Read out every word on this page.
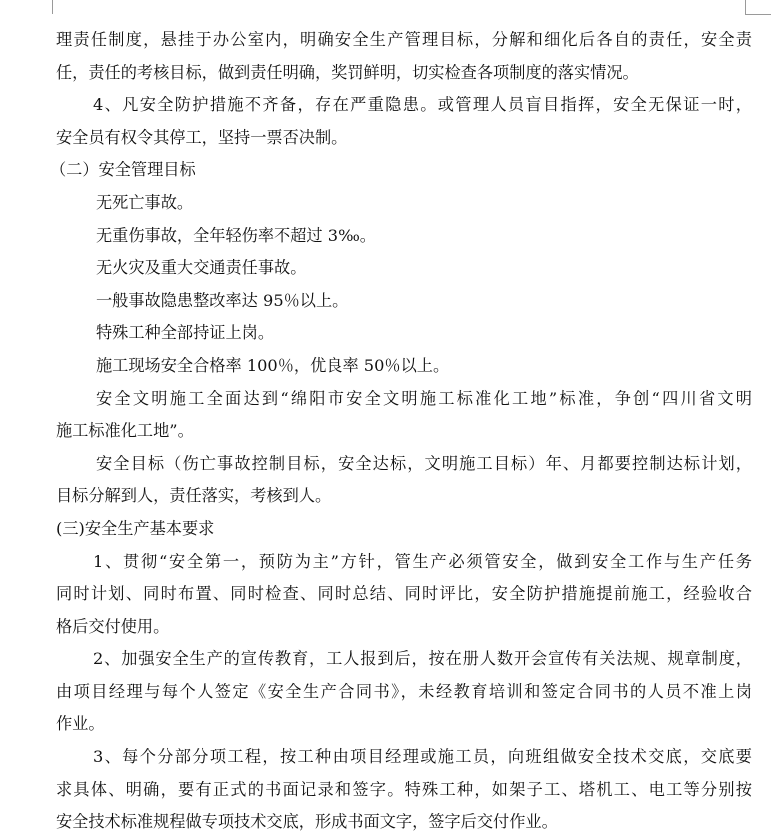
理责任制度，悬挂于办公室内，明确安全生产管理目标，分解和细化后各自的责任，安全责

任，责任的考核目标，做到责任明确，奖罚鲜明，切实检查各项制度的落实情况。

4、凡安全防护措施不齐备，存在严重隐患。或管理人员盲目指挥，安全无保证一时，

安全员有权令其停工，坚持一票否决制。

（二）安全管理目标

无死亡事故。

无重伤事故，全年轻伤率不超过 3‰。

无火灾及重大交通责任事故。

一般事故隐患整改率达 95％以上。

特殊工种全部持证上岗。

施工现场安全合格率 100％，优良率 50％以上。

安全文明施工全面达到“绵阳市安全文明施工标准化工地”标准，争创“四川省文明

施工标准化工地”。

安全目标（伤亡事故控制目标，安全达标，文明施工目标）年、月都要控制达标计划，

目标分解到人，责任落实，考核到人。

(三)安全生产基本要求

1、贯彻“安全第一，预防为主”方针，管生产必须管安全，做到安全工作与生产任务

同时计划、同时布置、同时检查、同时总结、同时评比，安全防护措施提前施工，经验收合

格后交付使用。

2、加强安全生产的宣传教育，工人报到后，按在册人数开会宣传有关法规、规章制度，

由项目经理与每个人签定《安全生产合同书》，未经教育培训和签定合同书的人员不准上岗

作业。

3、每个分部分项工程，按工种由项目经理或施工员，向班组做安全技术交底，交底要

求具体、明确，要有正式的书面记录和签字。特殊工种，如架子工、塔机工、电工等分别按

安全技术标准规程做专项技术交底，形成书面文字，签字后交付作业。
